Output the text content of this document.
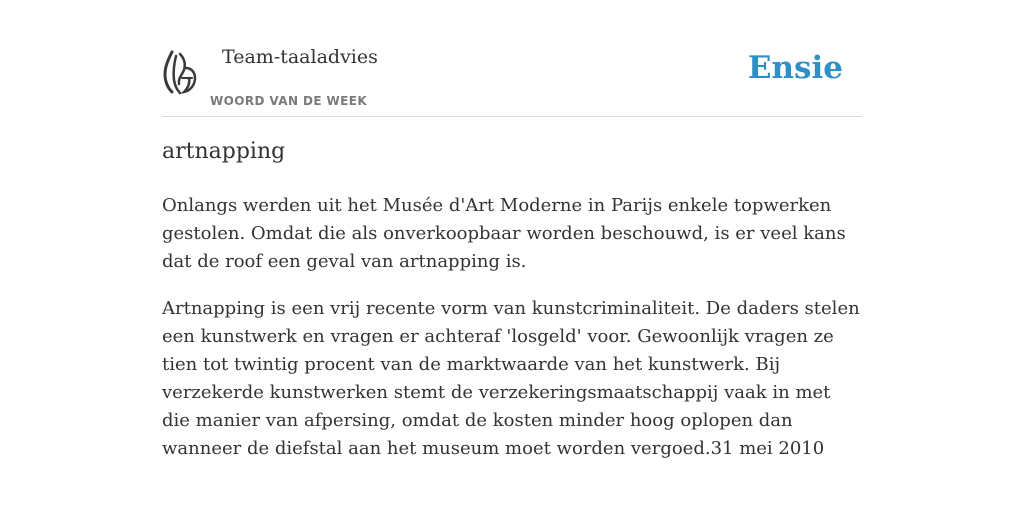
Team-taaladvies
WOORD VAN DE WEEK
Ensie
artnapping

Onlangs werden uit het Musée d'Art Moderne in Parijs enkele topwerken gestolen. Omdat die als onverkoopbaar worden beschouwd, is er veel kans dat de roof een geval van artnapping is.

Artnapping is een vrij recente vorm van kunstcriminaliteit. De daders stelen een kunstwerk en vragen er achteraf 'losgeld' voor. Gewoonlijk vragen ze tien tot twintig procent van de marktwaarde van het kunstwerk. Bij verzekerde kunstwerken stemt de verzekeringsmaatschappij vaak in met die manier van afpersing, omdat de kosten minder hoog oplopen dan wanneer de diefstal aan het museum moet worden vergoed.31 mei 2010
